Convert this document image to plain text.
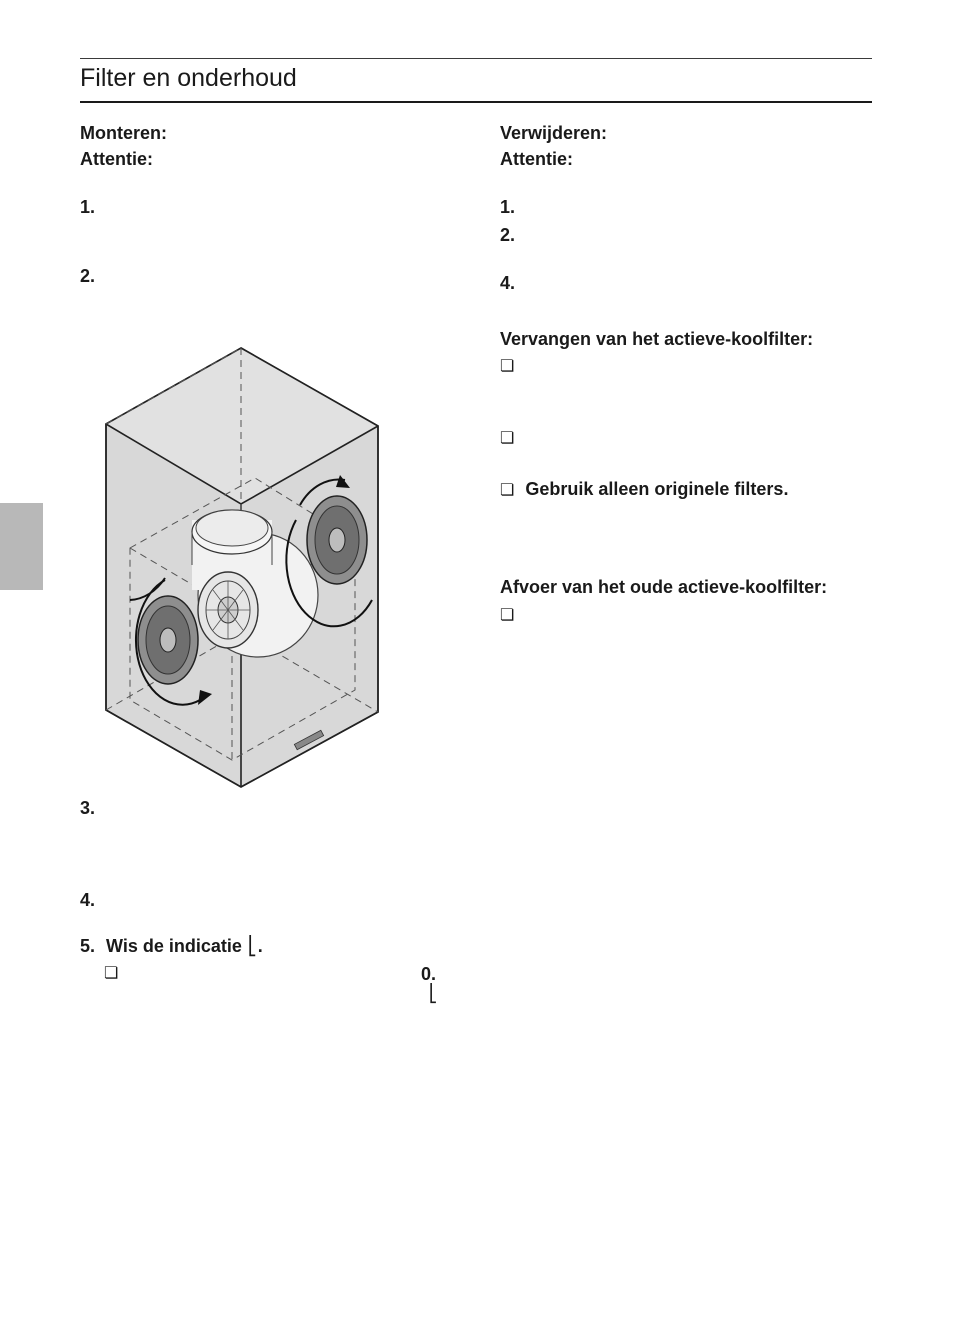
Filter en onderhoud
Monteren:
Attentie:
1.
2.
3.
4.
5. Wis de indicatie ⎣.
❏	0.
⎣
Verwijderen:
Attentie:
1.
2.
4.
Vervangen van het actieve-koolfilter:
❏
❏
❏ Gebruik alleen originele filters.
Afvoer van het oude actieve-koolfilter:
❏
